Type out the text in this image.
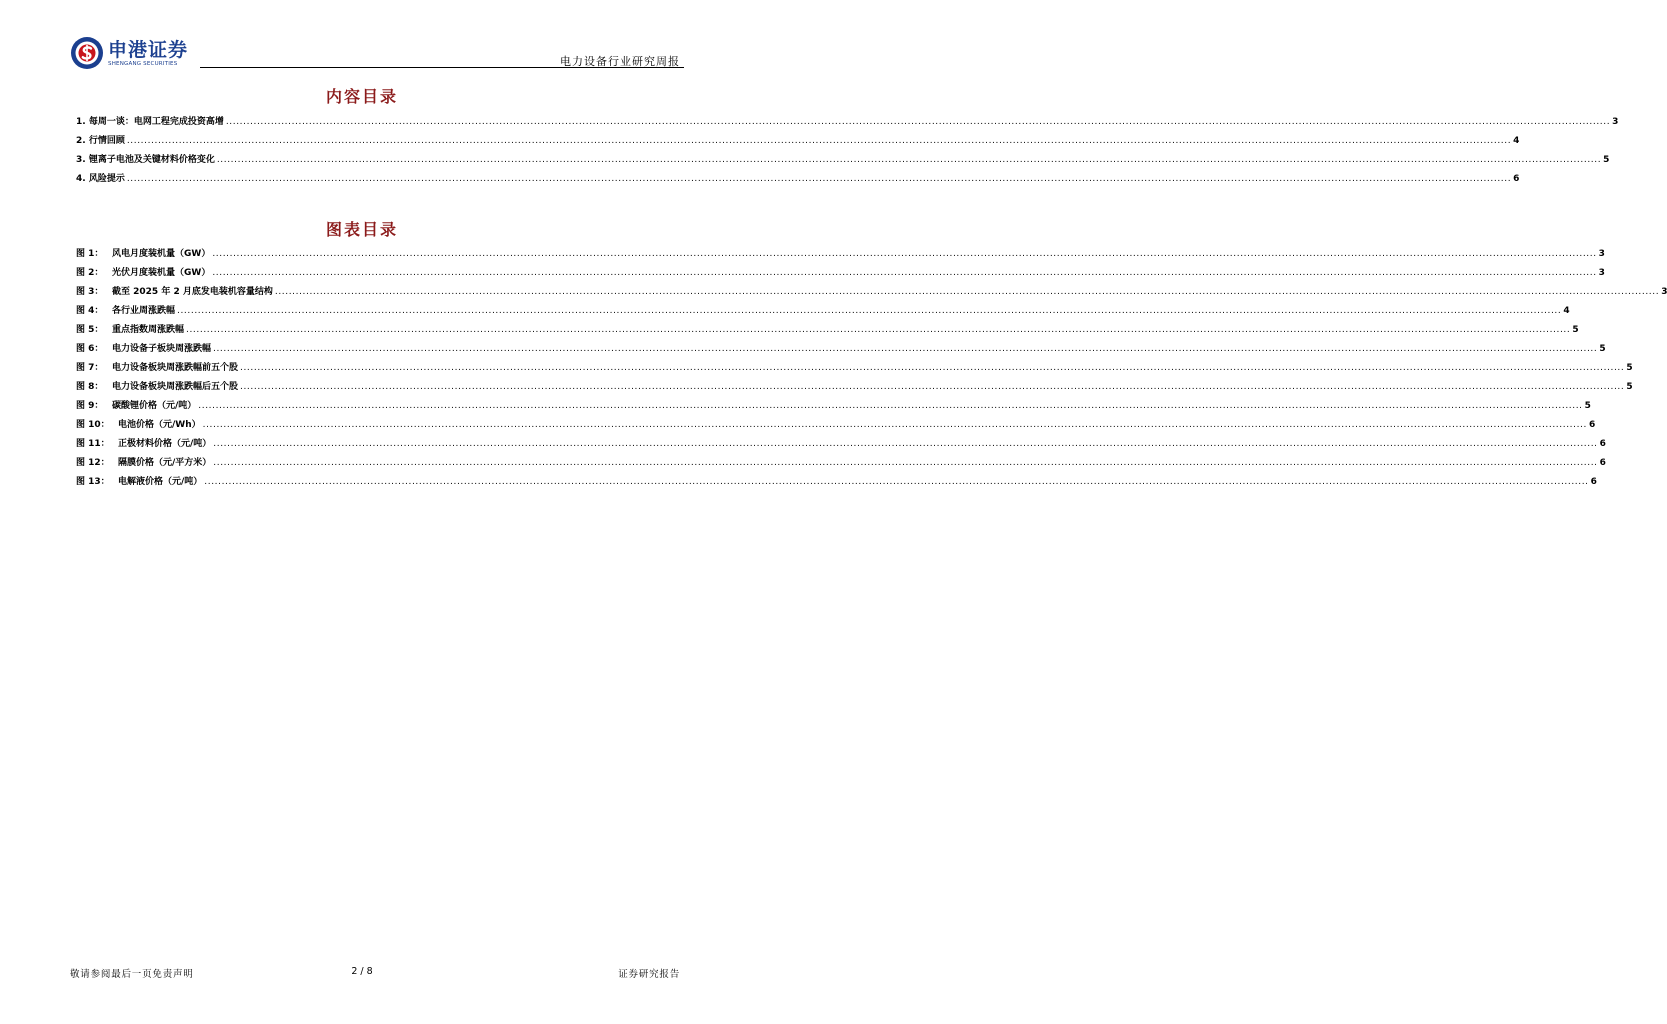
申港证券
SHENGANG SECURITIES	电力设备行业研究周报
内容目录
1. 每周一谈：电网工程完成投资高增 ................................................................................................................................................................................................................................................................................................................................................................................................................ 3
2. 行情回顾 ................................................................................................................................................................................................................................................................................................................................................................................................................ 4
3. 锂离子电池及关键材料价格变化 ................................................................................................................................................................................................................................................................................................................................................................................................................ 5
4. 风险提示 ................................................................................................................................................................................................................................................................................................................................................................................................................ 6
图表目录
图 1： 风电月度装机量（GW） ................................................................................................................................................................................................................................................................................................................................................................................................................ 3
图 2： 光伏月度装机量（GW） ................................................................................................................................................................................................................................................................................................................................................................................................................ 3
图 3： 截至 2025 年 2 月底发电装机容量结构 ................................................................................................................................................................................................................................................................................................................................................................................................................ 3
图 4： 各行业周涨跌幅 ................................................................................................................................................................................................................................................................................................................................................................................................................ 4
图 5： 重点指数周涨跌幅 ................................................................................................................................................................................................................................................................................................................................................................................................................ 5
图 6： 电力设备子板块周涨跌幅 ................................................................................................................................................................................................................................................................................................................................................................................................................ 5
图 7： 电力设备板块周涨跌幅前五个股 ................................................................................................................................................................................................................................................................................................................................................................................................................ 5
图 8： 电力设备板块周涨跌幅后五个股 ................................................................................................................................................................................................................................................................................................................................................................................................................ 5
图 9： 碳酸锂价格（元/吨） ................................................................................................................................................................................................................................................................................................................................................................................................................ 5
图 10： 电池价格（元/Wh） ................................................................................................................................................................................................................................................................................................................................................................................................................ 6
图 11： 正极材料价格（元/吨） ................................................................................................................................................................................................................................................................................................................................................................................................................ 6
图 12： 隔膜价格（元/平方米） ................................................................................................................................................................................................................................................................................................................................................................................................................ 6
图 13： 电解液价格（元/吨） ................................................................................................................................................................................................................................................................................................................................................................................................................ 6
敬请参阅最后一页免责声明	2 / 8	证券研究报告
